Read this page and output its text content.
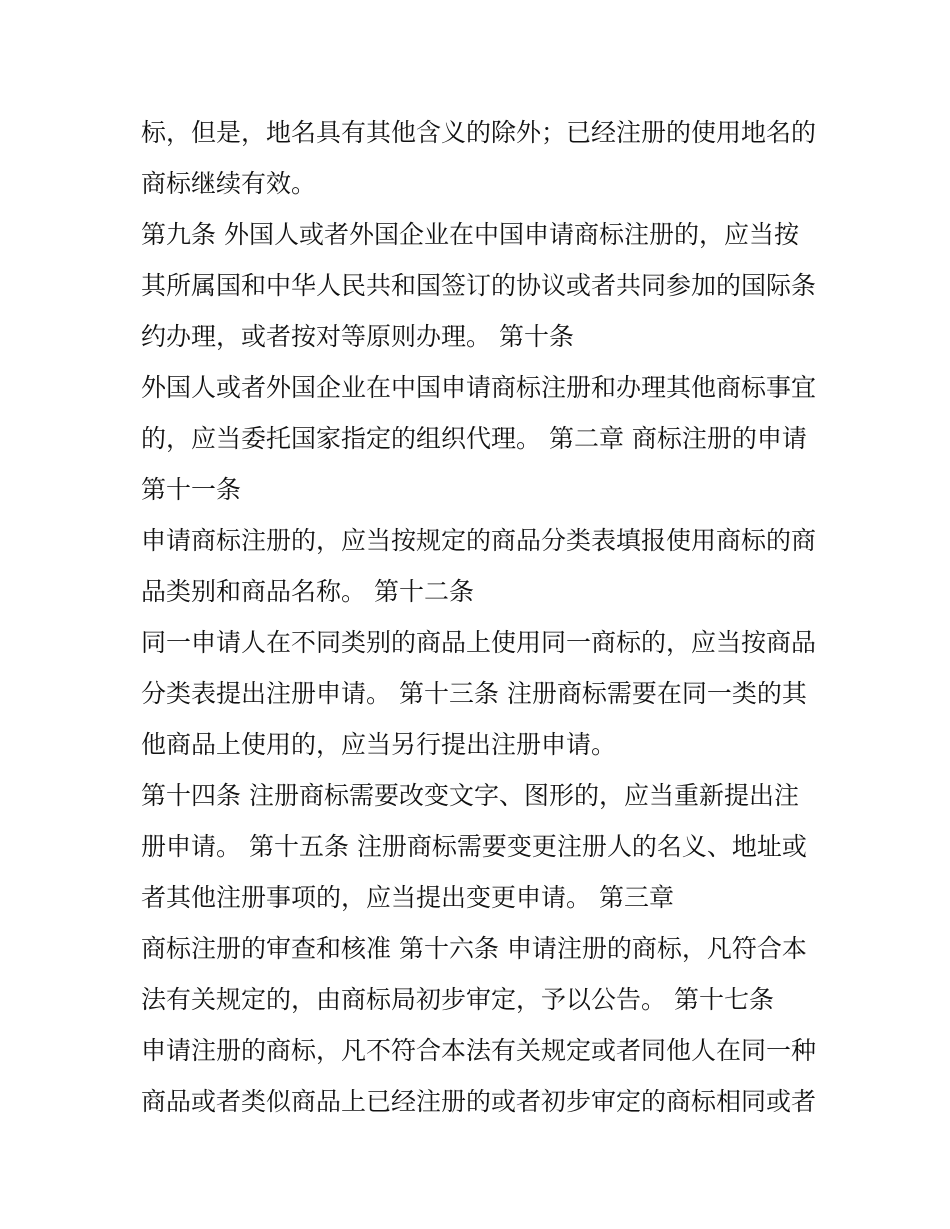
标，但是，地名具有其他含义的除外；已经注册的使用地名的
商标继续有效。
第九条 外国人或者外国企业在中国申请商标注册的，应当按
其所属国和中华人民共和国签订的协议或者共同参加的国际条
约办理，或者按对等原则办理。 第十条
外国人或者外国企业在中国申请商标注册和办理其他商标事宜
的，应当委托国家指定的组织代理。 第二章 商标注册的申请
第十一条
申请商标注册的，应当按规定的商品分类表填报使用商标的商
品类别和商品名称。 第十二条
同一申请人在不同类别的商品上使用同一商标的，应当按商品
分类表提出注册申请。 第十三条 注册商标需要在同一类的其
他商品上使用的，应当另行提出注册申请。
第十四条 注册商标需要改变文字、图形的，应当重新提出注
册申请。 第十五条 注册商标需要变更注册人的名义、地址或
者其他注册事项的，应当提出变更申请。 第三章
商标注册的审查和核准 第十六条 申请注册的商标，凡符合本
法有关规定的，由商标局初步审定，予以公告。 第十七条
申请注册的商标，凡不符合本法有关规定或者同他人在同一种
商品或者类似商品上已经注册的或者初步审定的商标相同或者
